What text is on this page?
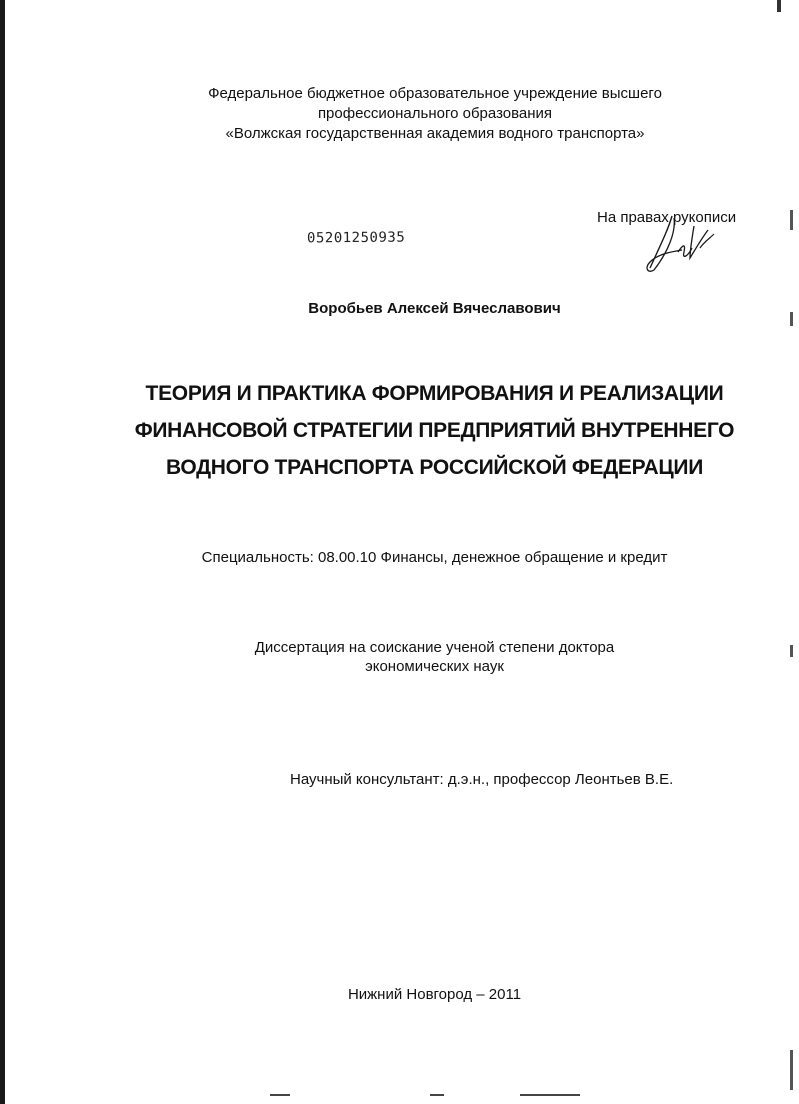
Федеральное бюджетное образовательное учреждение высшего
профессионального образования
«Волжская государственная академия водного транспорта»
05201250935
На правах рукописи
Воробьев Алексей Вячеславович
ТЕОРИЯ И ПРАКТИКА ФОРМИРОВАНИЯ И РЕАЛИЗАЦИИ
ФИНАНСОВОЙ СТРАТЕГИИ ПРЕДПРИЯТИЙ ВНУТРЕННЕГО
ВОДНОГО ТРАНСПОРТА РОССИЙСКОЙ ФЕДЕРАЦИИ
Специальность: 08.00.10 Финансы, денежное обращение и кредит
Диссертация на соискание ученой степени доктора
экономических наук
Научный консультант: д.э.н., профессор Леонтьев В.Е.
Нижний Новгород – 2011
